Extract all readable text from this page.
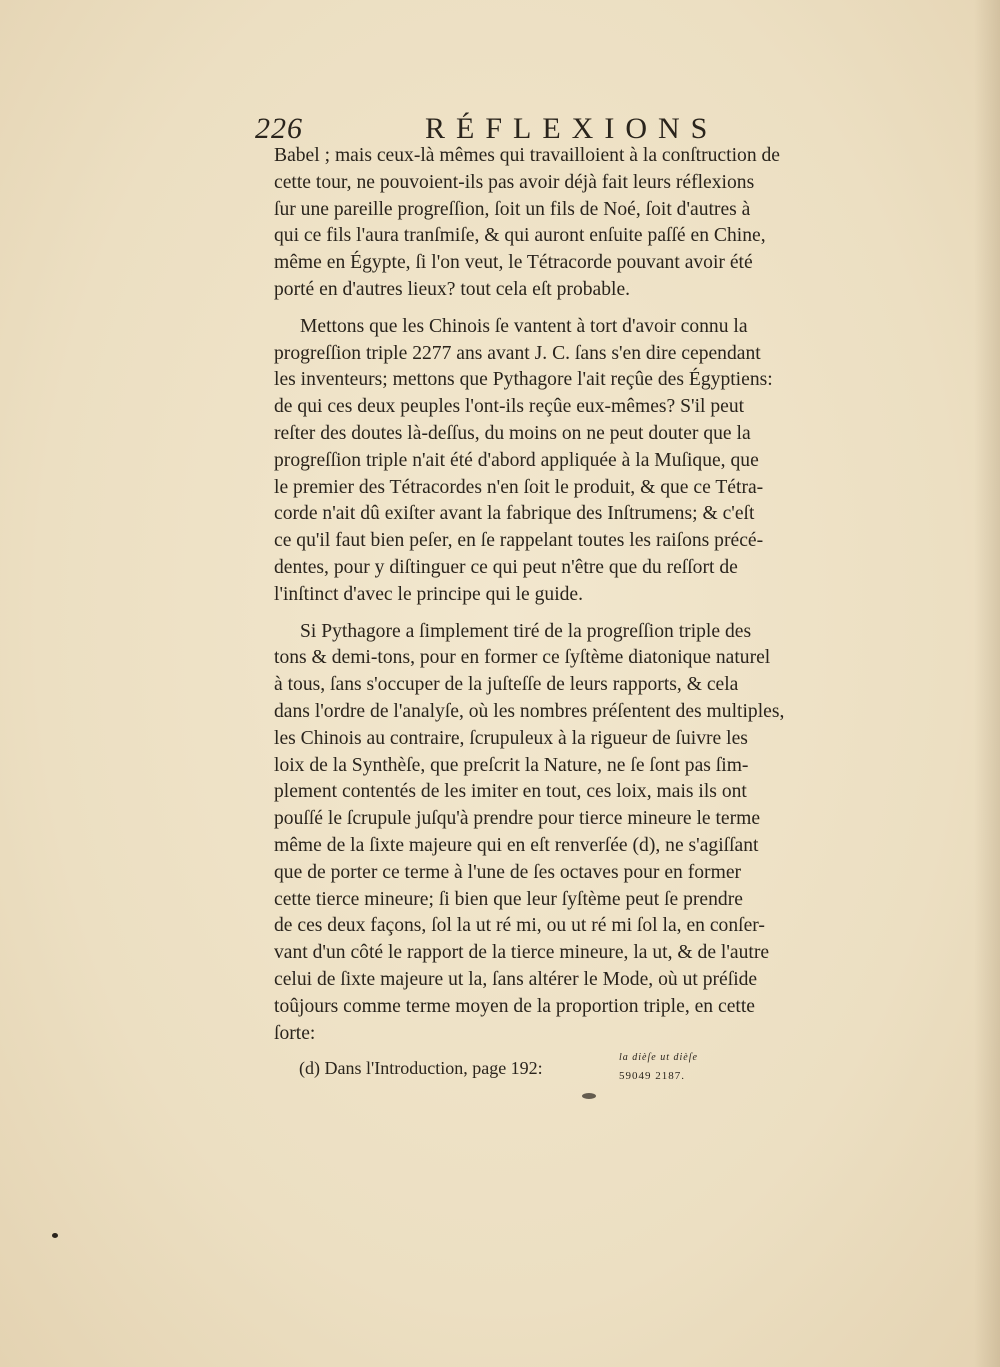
226	RÉFLEXIONS

Babel ; mais ceux-là mêmes qui travailloient à la conſtruction de
cette tour, ne pouvoient-ils pas avoir déjà fait leurs réflexions
ſur une pareille progreſſion, ſoit un fils de Noé, ſoit d'autres à
qui ce fils l'aura tranſmiſe, & qui auront enſuite paſſé en Chine,
même en Égypte, ſi l'on veut, le Tétracorde pouvant avoir été
porté en d'autres lieux? tout cela eſt probable.

Mettons que les Chinois ſe vantent à tort d'avoir connu la
progreſſion triple 2277 ans avant J. C. ſans s'en dire cependant
les inventeurs; mettons que Pythagore l'ait reçûe des Égyptiens:
de qui ces deux peuples l'ont-ils reçûe eux-mêmes? S'il peut
reſter des doutes là-deſſus, du moins on ne peut douter que la
progreſſion triple n'ait été d'abord appliquée à la Muſique, que
le premier des Tétracordes n'en ſoit le produit, & que ce Tétra-
corde n'ait dû exiſter avant la fabrique des Inſtrumens; & c'eſt
ce qu'il faut bien peſer, en ſe rappelant toutes les raiſons précé-
dentes, pour y diſtinguer ce qui peut n'être que du reſſort de
l'inſtinct d'avec le principe qui le guide.

Si Pythagore a ſimplement tiré de la progreſſion triple des
tons & demi-tons, pour en former ce ſyſtème diatonique naturel
à tous, ſans s'occuper de la juſteſſe de leurs rapports, & cela
dans l'ordre de l'analyſe, où les nombres préſentent des multiples,
les Chinois au contraire, ſcrupuleux à la rigueur de ſuivre les
loix de la Synthèſe, que preſcrit la Nature, ne ſe ſont pas ſim-
plement contentés de les imiter en tout, ces loix, mais ils ont
pouſſé le ſcrupule juſqu'à prendre pour tierce mineure le terme
même de la ſixte majeure qui en eſt renverſée (d), ne s'agiſſant
que de porter ce terme à l'une de ſes octaves pour en former
cette tierce mineure; ſi bien que leur ſyſtème peut ſe prendre
de ces deux façons, ſol la ut ré mi, ou ut ré mi ſol la, en conſer-
vant d'un côté le rapport de la tierce mineure, la ut, & de l'autre
celui de ſixte majeure ut la, ſans altérer le Mode, où ut préſide
toûjours comme terme moyen de la proportion triple, en cette
ſorte:

(d) Dans l'Introduction, page 192:
la dièſe ut dièſe
59049 2187.
